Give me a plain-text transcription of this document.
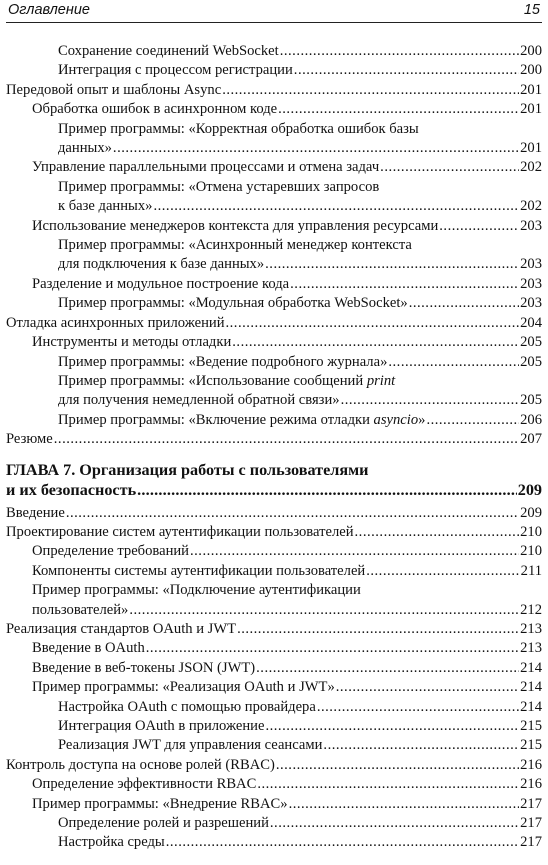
Оглавление	15
Сохранение соединений WebSocket .....	200
Интеграция с процессом регистрации .....	200
Передовой опыт и шаблоны Async .....	201
Обработка ошибок в асинхронном коде .....	201
Пример программы: «Корректная обработка ошибок базы
данных» .....	201
Управление параллельными процессами и отмена задач .....	202
Пример программы: «Отмена устаревших запросов
к базе данных» .....	202
Использование менеджеров контекста для управления ресурсами .....	203
Пример программы: «Асинхронный менеджер контекста
для подключения к базе данных» .....	203
Разделение и модульное построение кода .....	203
Пример программы: «Модульная обработка WebSocket» .....	203
Отладка асинхронных приложений .....	204
Инструменты и методы отладки .....	205
Пример программы: «Ведение подробного журнала» .....	205
Пример программы: «Использование сообщений print
для получения немедленной обратной связи» .....	205
Пример программы: «Включение режима отладки asyncio» .....	206
Резюме .....	207
ГЛАВА 7. Организация работы с пользователями
и их безопасность .....	209
Введение .....	209
Проектирование систем аутентификации пользователей .....	210
Определение требований .....	210
Компоненты системы аутентификации пользователей .....	211
Пример программы: «Подключение аутентификации
пользователей» .....	212
Реализация стандартов OAuth и JWT .....	213
Введение в OAuth .....	213
Введение в веб-токены JSON (JWT) .....	214
Пример программы: «Реализация OAuth и JWT» .....	214
Настройка OAuth с помощью провайдера .....	214
Интеграция OAuth в приложение .....	215
Реализация JWT для управления сеансами .....	215
Контроль доступа на основе ролей (RBAC) .....	216
Определение эффективности RBAC .....	216
Пример программы: «Внедрение RBAC» .....	217
Определение ролей и разрешений .....	217
Настройка среды .....	217
